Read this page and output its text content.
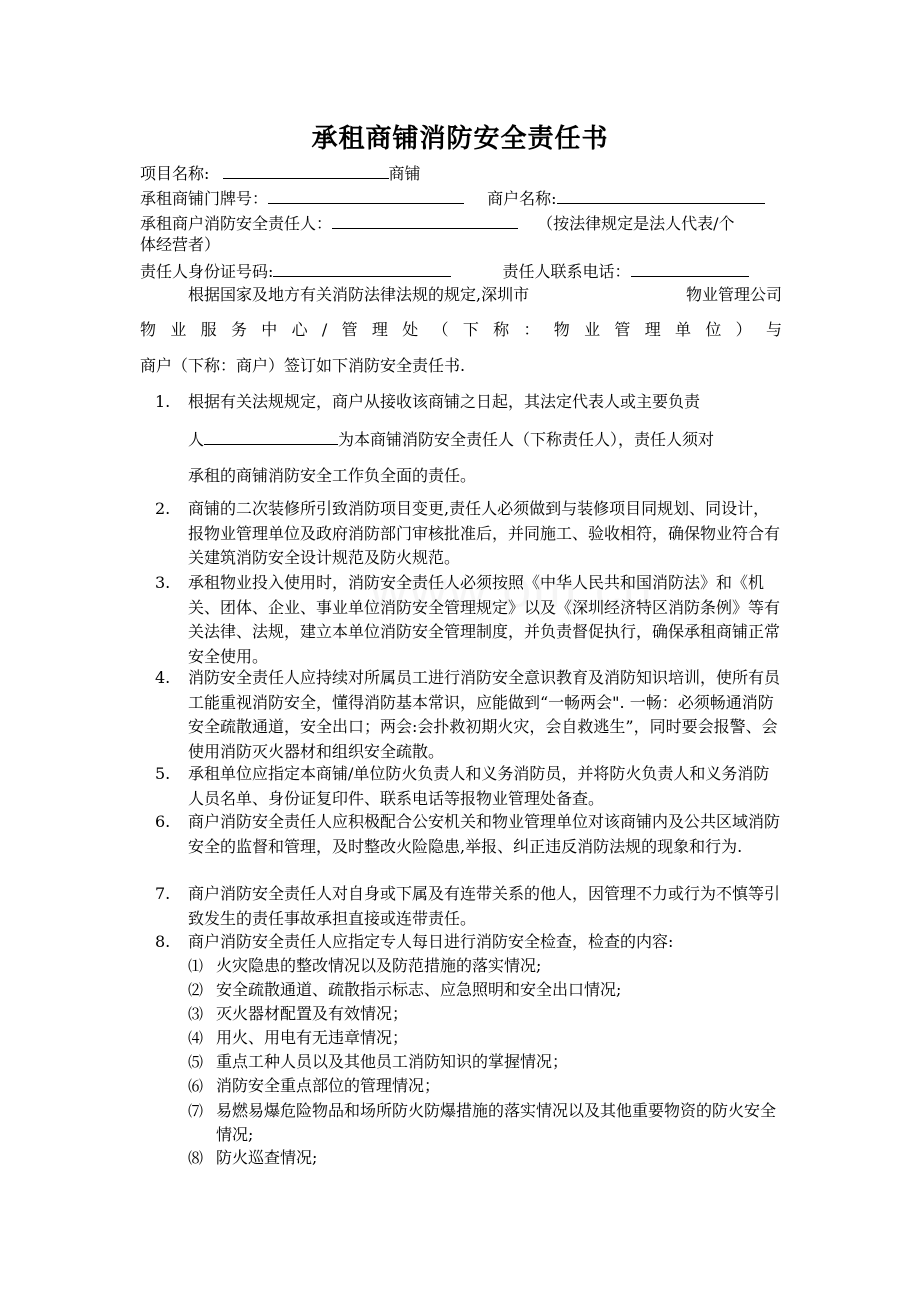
承租商铺消防安全责任书
项目名称:	商铺
承租商铺门牌号：	商户名称:
承租商户消防安全责任人：	（按法律规定是法人代表/个
体经营者）
责任人身份证号码:	责任人联系电话：
根据国家及地方有关消防法律法规的规定,深圳市	物业管理公司
物 业 服 务 中 心 / 管 理 处 （ 下 称 ： 物 业 管 理 单 位 ） 与
商户（下称：商户）签订如下消防安全责任书.
1.	根据有关法规规定，商户从接收该商铺之日起，其法定代表人或主要负责
人	为本商铺消防安全责任人（下称责任人），责任人须对
承租的商铺消防安全工作负全面的责任。
2.	商铺的二次装修所引致消防项目变更,责任人必须做到与装修项目同规划、同设计，报物业管理单位及政府消防部门审核批准后，并同施工、验收相符，确保物业符合有关建筑消防安全设计规范及防火规范。
3.	承租物业投入使用时，消防安全责任人必须按照《中华人民共和国消防法》和《机关、团体、企业、事业单位消防安全管理规定》以及《深圳经济特区消防条例》等有关法律、法规，建立本单位消防安全管理制度，并负责督促执行，确保承租商铺正常安全使用。
4.	消防安全责任人应持续对所属员工进行消防安全意识教育及消防知识培训，使所有员工能重视消防安全，懂得消防基本常识，应能做到“一畅两会". 一畅：必须畅通消防安全疏散通道，安全出口；两会:会扑救初期火灾，会自救逃生”，同时要会报警、会使用消防灭火器材和组织安全疏散。
5.	承租单位应指定本商铺/单位防火负责人和义务消防员，并将防火负责人和义务消防人员名单、身份证复印件、联系电话等报物业管理处备查。
6.	商户消防安全责任人应积极配合公安机关和物业管理单位对该商铺内及公共区域消防安全的监督和管理，及时整改火险隐患,举报、纠正违反消防法规的现象和行为.
7.	商户消防安全责任人对自身或下属及有连带关系的他人，因管理不力或行为不慎等引致发生的责任事故承担直接或连带责任。
8.	商户消防安全责任人应指定专人每日进行消防安全检查，检查的内容:
⑴ 火灾隐患的整改情况以及防范措施的落实情况;
⑵ 安全疏散通道、疏散指示标志、应急照明和安全出口情况;
⑶ 灭火器材配置及有效情况；
⑷ 用火、用电有无违章情况；
⑸ 重点工种人员以及其他员工消防知识的掌握情况；
⑹ 消防安全重点部位的管理情况；
⑺ 易燃易爆危险物品和场所防火防爆措施的落实情况以及其他重要物资的防火安全情况;
⑻ 防火巡查情况;
